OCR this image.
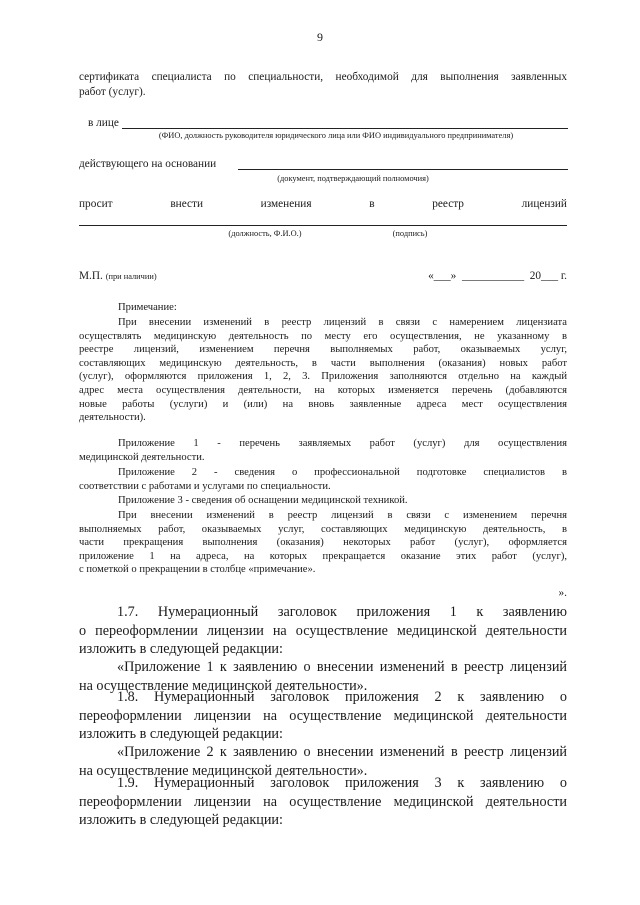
9
сертификата специалиста по специальности, необходимой для выполнения заявленных
работ (услуг).
в лице
(ФИО, должность руководителя юридического лица или ФИО индивидуального предпринимателя)
действующего на основании
(документ, подтверждающий полномочия)
просит	внести	изменения	в	реестр	лицензий
(должность, Ф.И.О.)	(подпись)
М.П. (при наличии)	«___»  ___________  20___ г.
Примечание:
При внесении изменений в реестр лицензий в связи с намерением лицензиата
осуществлять медицинскую деятельность по месту его осуществления, не указанному в
реестре лицензий, изменением перечня выполняемых работ, оказываемых услуг,
составляющих медицинскую деятельность, в части выполнения (оказания) новых работ
(услуг), оформляются приложения 1, 2, 3. Приложения заполняются отдельно на каждый
адрес места осуществления деятельности, на которых изменяется перечень (добавляются
новые работы (услуги) и (или) на вновь заявленные адреса мест осуществления
деятельности).
Приложение 1 - перечень заявляемых работ (услуг) для осуществления
медицинской деятельности.
Приложение 2 - сведения о профессиональной подготовке специалистов в
соответствии с работами и услугами по специальности.
Приложение 3 - сведения об оснащении медицинской техникой.
При внесении изменений в реестр лицензий в связи с изменением перечня
выполняемых работ, оказываемых услуг, составляющих медицинскую деятельность, в
части прекращения выполнения (оказания) некоторых работ (услуг), оформляется
приложение 1 на адреса, на которых прекращается оказание этих работ (услуг),
с пометкой о прекращении в столбце «примечание».
».
1.7. Нумерационный заголовок приложения 1 к заявлению
о переоформлении лицензии на осуществление медицинской деятельности
изложить в следующей редакции:
«Приложение 1 к заявлению о внесении изменений в реестр лицензий
на осуществление медицинской деятельности».
1.8. Нумерационный заголовок приложения 2 к заявлению о
переоформлении лицензии на осуществление медицинской деятельности
изложить в следующей редакции:
«Приложение 2 к заявлению о внесении изменений в реестр лицензий
на осуществление медицинской деятельности».
1.9. Нумерационный заголовок приложения 3 к заявлению о
переоформлении лицензии на осуществление медицинской деятельности
изложить в следующей редакции:
